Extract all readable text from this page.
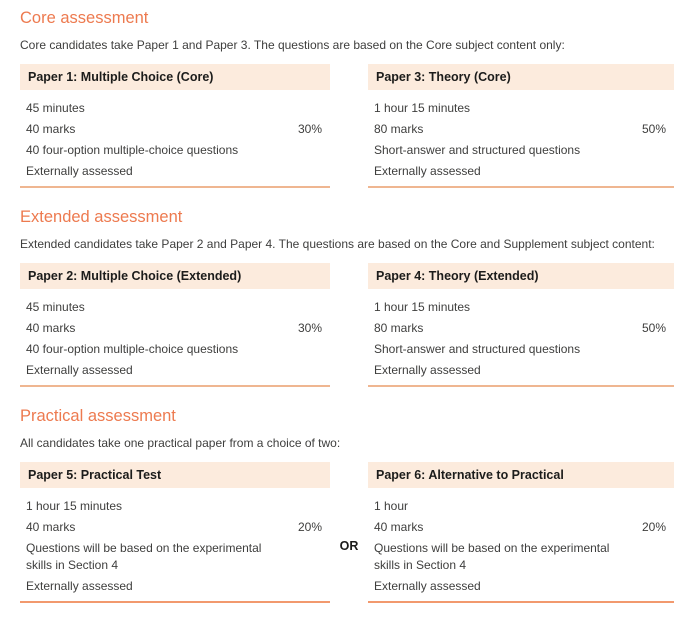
Core assessment

Core candidates take Paper 1 and Paper 3. The questions are based on the Core subject content only:

Paper 1: Multiple Choice (Core)
45 minutes
40 marks	30%
40 four-option multiple-choice questions
Externally assessed
Paper 3: Theory (Core)
1 hour 15 minutes
80 marks	50%
Short-answer and structured questions
Externally assessed
Extended assessment

Extended candidates take Paper 2 and Paper 4. The questions are based on the Core and Supplement subject content:

Paper 2: Multiple Choice (Extended)
45 minutes
40 marks	30%
40 four-option multiple-choice questions
Externally assessed
Paper 4: Theory (Extended)
1 hour 15 minutes
80 marks	50%
Short-answer and structured questions
Externally assessed
Practical assessment

All candidates take one practical paper from a choice of two:

Paper 5: Practical Test
1 hour 15 minutes
40 marks	20%
Questions will be based on the experimental
skills in Section 4
Externally assessed
OR
Paper 6: Alternative to Practical
1 hour
40 marks	20%
Questions will be based on the experimental
skills in Section 4
Externally assessed
